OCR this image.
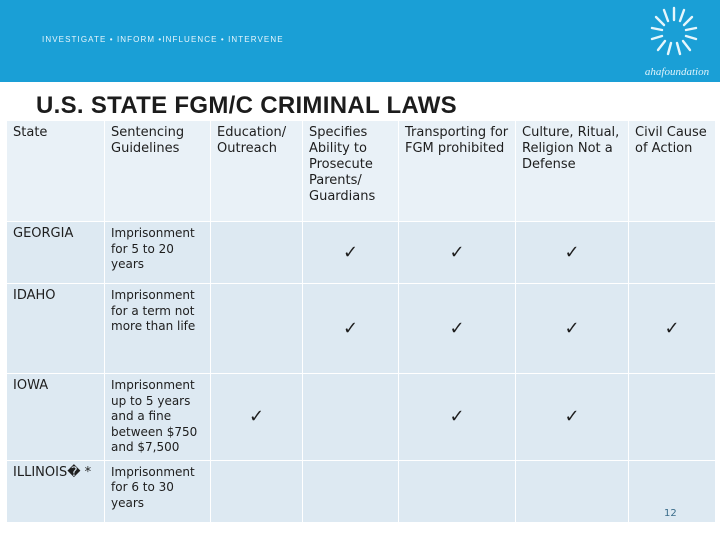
INVESTIGATE • INFORM •INFLUENCE • INTERVENE
ahafoundation
U.S. STATE FGM/C CRIMINAL LAWS
State	Sentencing Guidelines	Education/ Outreach	Specifies Ability to Prosecute Parents/ Guardians	Transporting for FGM prohibited	Culture, Ritual, Religion Not a Defense	Civil Cause of Action
GEORGIA	Imprisonment for 5 to 20 years		✓	✓	✓	

IDAHO	Imprisonment for a term not more than life		✓	✓	✓	✓

IOWA	Imprisonment up to 5 years and a fine between $750 and $7,500	✓		✓	✓	

ILLINOIS� *	Imprisonment for 6 to 30 years	

12
